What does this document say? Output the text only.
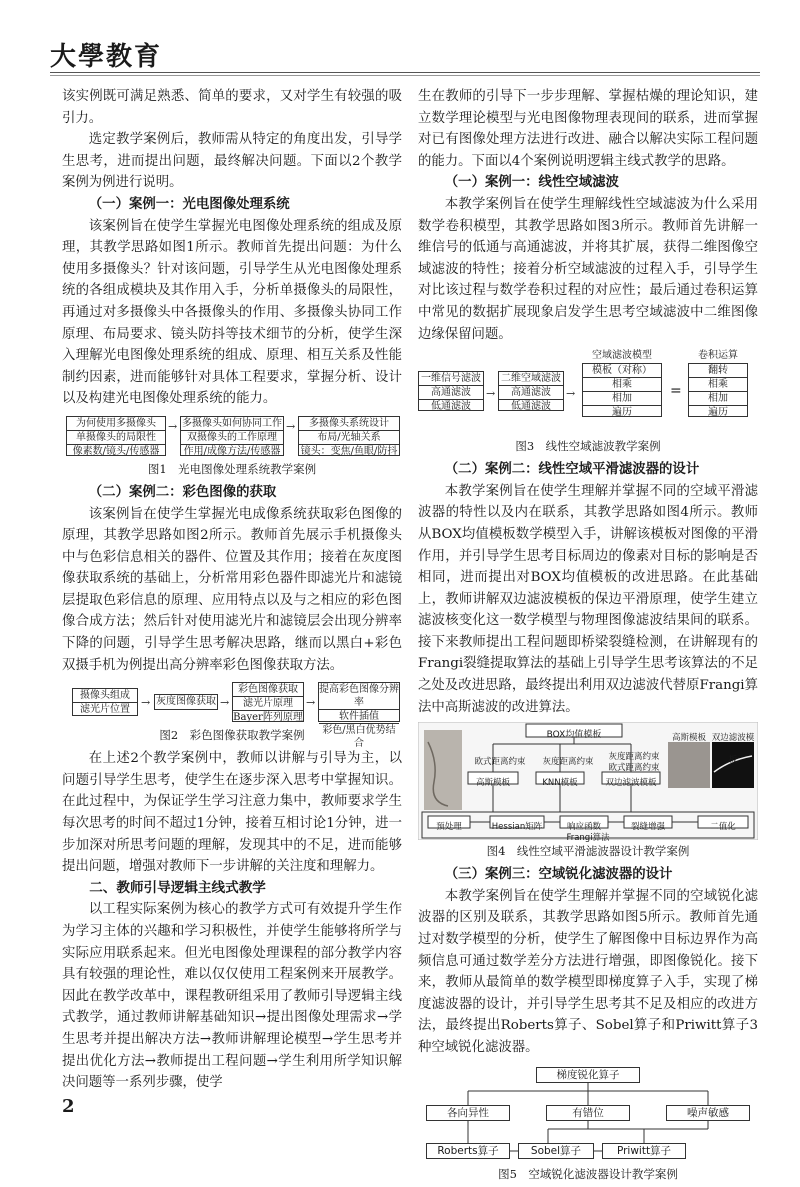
大學教育

该实例既可满足熟悉、简单的要求，又对学生有较强的吸引力。

选定教学案例后，教师需从特定的角度出发，引导学生思考，进而提出问题，最终解决问题。下面以2个教学案例为例进行说明。

（一）案例一：光电图像处理系统

该案例旨在使学生掌握光电图像处理系统的组成及原理，其教学思路如图1所示。教师首先提出问题：为什么使用多摄像头？针对该问题，引导学生从光电图像处理系统的各组成模块及其作用入手，分析单摄像头的局限性，再通过对多摄像头中各摄像头的作用、多摄像头协同工作原理、布局要求、镜头防抖等技术细节的分析，使学生深入理解光电图像处理系统的组成、原理、相互关系及性能制约因素，进而能够针对具体工程要求，掌握分析、设计以及构建光电图像处理系统的能力。

为何使用多摄像头
单摄像头的局限性
像素数/镜头/传感器
→ 多摄像头如何协同工作
双摄像头的工作原理
作用/成像方法/传感器
→	多摄像头系统设计
布局/光轴关系
镜头：变焦/鱼眼/防抖
图1　光电图像处理系统教学案例
（二）案例二：彩色图像的获取

该案例旨在使学生掌握光电成像系统获取彩色图像的原理，其教学思路如图2所示。教师首先展示手机摄像头中与色彩信息相关的器件、位置及其作用；接着在灰度图像获取系统的基础上，分析常用彩色器件即滤光片和滤镜层提取色彩信息的原理、应用特点以及与之相应的彩色图像合成方法；然后针对使用滤光片和滤镜层会出现分辨率下降的问题，引导学生思考解决思路，继而以黑白+彩色双摄手机为例提出高分辨率彩色图像获取方法。

摄像头组成
滤光片位置
→ 灰度图像获取 →
彩色图像获取
滤光片原理
Bayer阵列原理
→
提高彩色图像分辨率
软件插值
彩色/黑白优势结合
图2　彩色图像获取教学案例

在上述2个教学案例中，教师以讲解与引导为主，以问题引导学生思考，使学生在逐步深入思考中掌握知识。在此过程中，为保证学生学习注意力集中，教师要求学生每次思考的时间不超过1分钟，接着互相讨论1分钟，进一步加深对所思考问题的理解，发现其中的不足，进而能够提出问题，增强对教师下一步讲解的关注度和理解力。

二、教师引导逻辑主线式教学

以工程实际案例为核心的教学方式可有效提升学生作为学习主体的兴趣和学习积极性，并使学生能够将所学与实际应用联系起来。但光电图像处理课程的部分教学内容具有较强的理论性，难以仅仅使用工程案例来开展教学。因此在教学改革中，课程教研组采用了教师引导逻辑主线式教学，通过教师讲解基础知识→提出图像处理需求→学生思考并提出解决方法→教师讲解理论模型→学生思考并提出优化方法→教师提出工程问题→学生利用所学知识解决问题等一系列步骤，使学

生在教师的引导下一步步理解、掌握枯燥的理论知识，建立数学理论模型与光电图像物理表现间的联系，进而掌握对已有图像处理方法进行改进、融合以解决实际工程问题的能力。下面以4个案例说明逻辑主线式教学的思路。

（一）案例一：线性空域滤波

本教学案例旨在使学生理解线性空域滤波为什么采用数学卷积模型，其教学思路如图3所示。教师首先讲解一维信号的低通与高通滤波，并将其扩展，获得二维图像空域滤波的特性；接着分析空域滤波的过程入手，引导学生对比该过程与数学卷积过程的对应性；最后通过卷积运算中常见的数据扩展现象启发学生思考空域滤波中二维图像边缘保留问题。

一维信号滤波
高通滤波
低通滤波
→
二维空域滤波
高通滤波
低通滤波
→
空域滤波模型
模板（对称）
相乘
相加
遍历
=
卷积运算
翻转
相乘
相加
遍历
图3　线性空域滤波教学案例
（二）案例二：线性空域平滑滤波器的设计

本教学案例旨在使学生理解并掌握不同的空域平滑滤波器的特性以及内在联系，其教学思路如图4所示。教师从BOX均值模板数学模型入手，讲解该模板对图像的平滑作用，并引导学生思考目标周边的像素对目标的影响是否相同，进而提出对BOX均值模板的改进思路。在此基础上，教师讲解双边滤波模板的保边平滑原理，使学生建立滤波核变化这一数学模型与物理图像滤波结果间的联系。接下来教师提出工程问题即桥梁裂缝检测，在讲解现有的Frangi裂缝提取算法的基础上引导学生思考该算法的不足之处及改进思路，最终提出利用双边滤波代替原Frangi算法中高斯滤波的改进算法。

BOX均值模板
欧式距离约束	灰度距离约束	灰度距离约束
欧式距离约束
高斯模板	KNN模板	双边滤波模板
高斯模板 双边滤波模板
预处理	Hessian矩阵	响应函数	裂缝增强	二值化
Frangi算法
图4　线性空域平滑滤波器设计教学案例
（三）案例三：空域锐化滤波器的设计

本教学案例旨在使学生理解并掌握不同的空域锐化滤波器的区别及联系，其教学思路如图5所示。教师首先通过对数学模型的分析，使学生了解图像中目标边界作为高频信息可通过数学差分方法进行增强，即图像锐化。接下来，教师从最简单的数学模型即梯度算子入手，实现了梯度滤波器的设计，并引导学生思考其不足及相应的改进方法，最终提出Roberts算子、Sobel算子和Priwitt算子3种空域锐化滤波器。

梯度锐化算子
各向异性	有错位	噪声敏感
Roberts算子	Sobel算子	Priwitt算子
图5　空域锐化滤波器设计教学案例
2
